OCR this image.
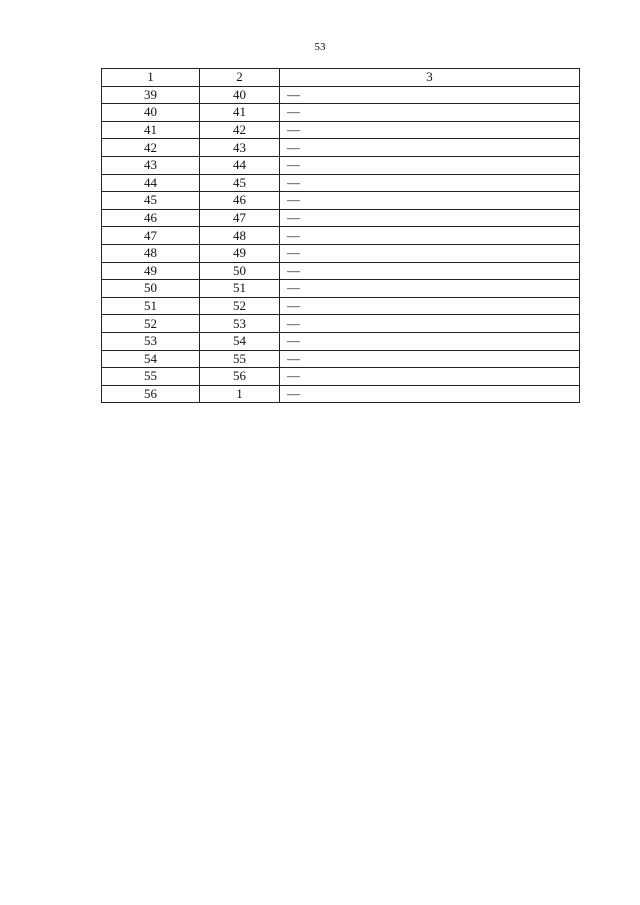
53
1	2	3
39	40	—
40	41	—
41	42	—
42	43	—
43	44	—
44	45	—
45	46	—
46	47	—
47	48	—
48	49	—
49	50	—
50	51	—
51	52	—
52	53	—
53	54	—
54	55	—
55	56	—
56	1	—
